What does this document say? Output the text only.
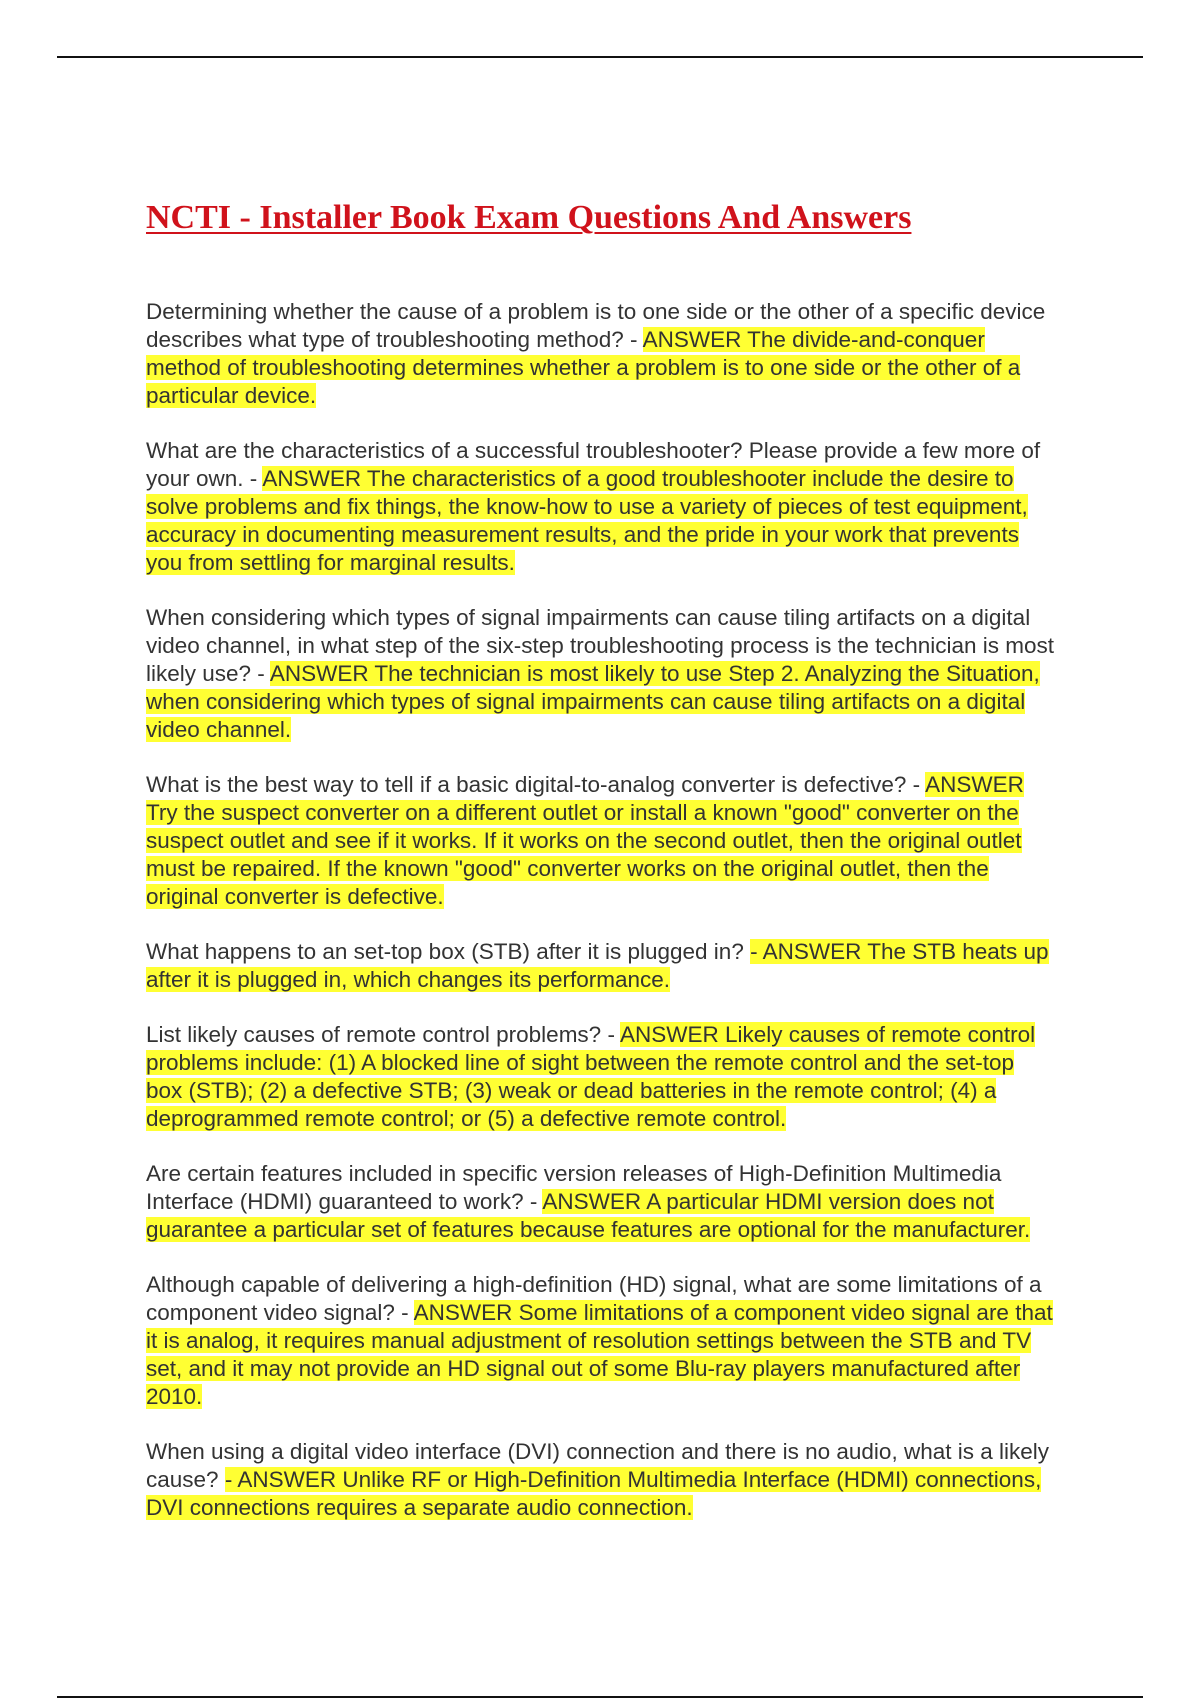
NCTI - Installer Book Exam Questions And Answers

Determining whether the cause of a problem is to one side or the other of a specific device describes what type of troubleshooting method? - ANSWER The divide-and-conquer method of troubleshooting determines whether a problem is to one side or the other of a particular device.

What are the characteristics of a successful troubleshooter? Please provide a few more of your own. - ANSWER The characteristics of a good troubleshooter include the desire to solve problems and fix things, the know-how to use a variety of pieces of test equipment, accuracy in documenting measurement results, and the pride in your work that prevents you from settling for marginal results.

When considering which types of signal impairments can cause tiling artifacts on a digital video channel, in what step of the six-step troubleshooting process is the technician is most likely use? - ANSWER The technician is most likely to use Step 2. Analyzing the Situation, when considering which types of signal impairments can cause tiling artifacts on a digital video channel.

What is the best way to tell if a basic digital-to-analog converter is defective? - ANSWER Try the suspect converter on a different outlet or install a known "good" converter on the suspect outlet and see if it works. If it works on the second outlet, then the original outlet must be repaired. If the known "good" converter works on the original outlet, then the original converter is defective.

What happens to an set-top box (STB) after it is plugged in? - ANSWER The STB heats up after it is plugged in, which changes its performance.

List likely causes of remote control problems? - ANSWER Likely causes of remote control problems include: (1) A blocked line of sight between the remote control and the set-top box (STB); (2) a defective STB; (3) weak or dead batteries in the remote control; (4) a deprogrammed remote control; or (5) a defective remote control.

Are certain features included in specific version releases of High-Definition Multimedia Interface (HDMI) guaranteed to work? - ANSWER A particular HDMI version does not guarantee a particular set of features because features are optional for the manufacturer.

Although capable of delivering a high-definition (HD) signal, what are some limitations of a component video signal? - ANSWER Some limitations of a component video signal are that it is analog, it requires manual adjustment of resolution settings between the STB and TV set, and it may not provide an HD signal out of some Blu-ray players manufactured after 2010.

When using a digital video interface (DVI) connection and there is no audio, what is a likely cause? - ANSWER Unlike RF or High-Definition Multimedia Interface (HDMI) connections, DVI connections requires a separate audio connection.
